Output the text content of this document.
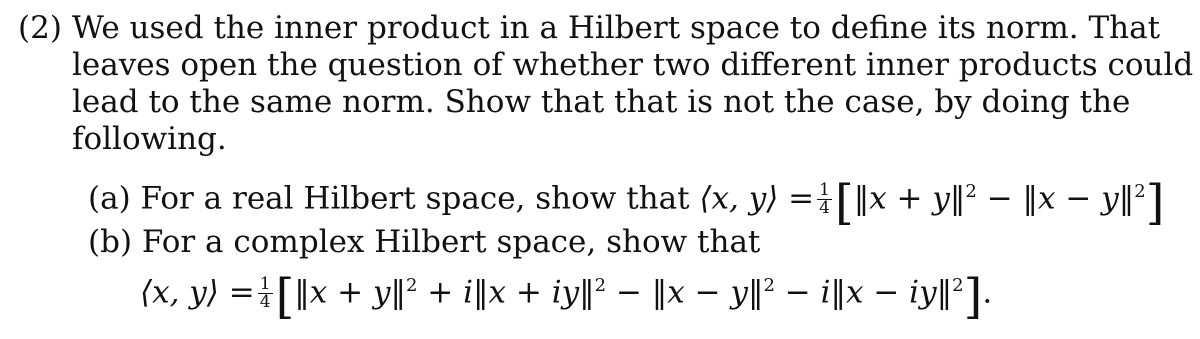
(2) We used the inner product in a Hilbert space to define its norm. That
leaves open the question of whether two different inner products could
lead to the same norm. Show that that is not the case, by doing the
following.
(a) For a real Hilbert space, show that ⟨x, y⟩ = $\frac{1}{4}$ [‖x + y‖$^2$ − ‖x − y‖$^2$]
(b) For a complex Hilbert space, show that
⟨x, y⟩ = $\frac{1}{4}$ [‖x + y‖$^2$ + i‖x + iy‖$^2$ − ‖x − y‖$^2$ − i‖x − iy‖$^2$].
